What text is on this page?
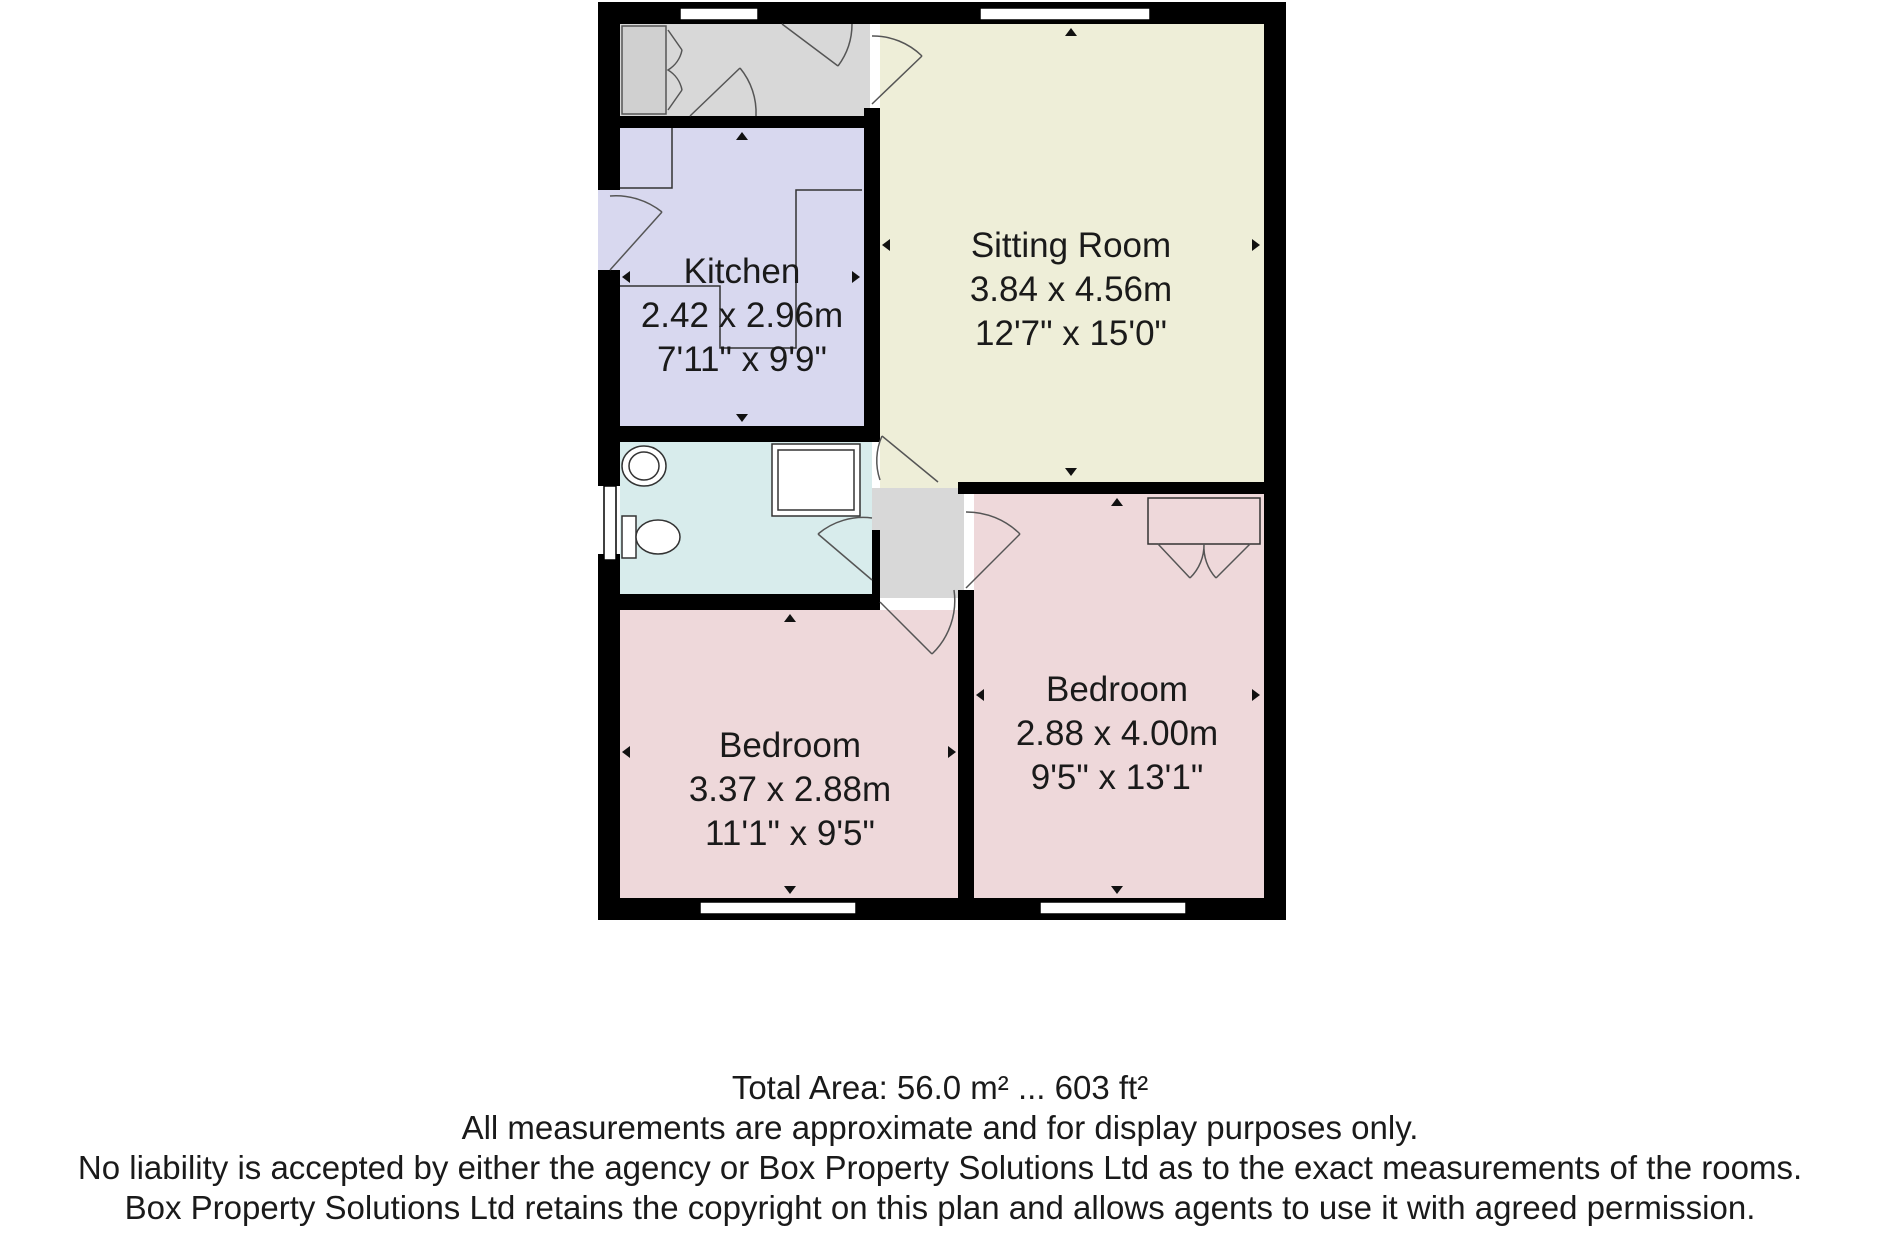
Sitting Room
3.84 x 4.56m
12'7" x 15'0"
Kitchen
2.42 x 2.96m
7'11" x 9'9"
Bedroom
3.37 x 2.88m
11'1" x 9'5"
Bedroom
2.88 x 4.00m
9'5" x 13'1"
Total Area: 56.0 m² ... 603 ft²
All measurements are approximate and for display purposes only.
No liability is accepted by either the agency or Box Property Solutions Ltd as to the exact measurements of the rooms.
Box Property Solutions Ltd retains the copyright on this plan and allows agents to use it with agreed permission.
